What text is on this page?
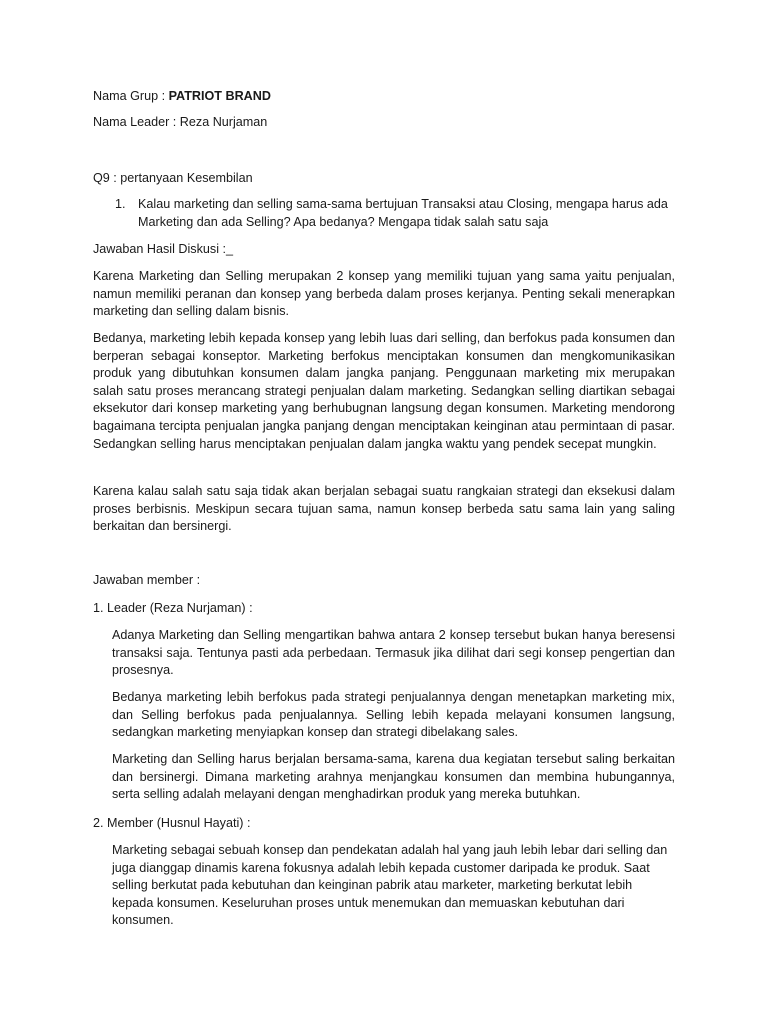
Nama Grup : PATRIOT BRAND

Nama Leader : Reza Nurjaman

Q9 : pertanyaan Kesembilan

1. Kalau marketing dan selling sama-sama bertujuan Transaksi atau Closing, mengapa harus ada Marketing dan ada Selling? Apa bedanya? Mengapa tidak salah satu saja

Jawaban Hasil Diskusi :_

Karena Marketing dan Selling merupakan 2 konsep yang memiliki tujuan yang sama yaitu penjualan, namun memiliki peranan dan konsep yang berbeda dalam proses kerjanya. Penting sekali menerapkan marketing dan selling dalam bisnis.

Bedanya, marketing lebih kepada konsep yang lebih luas dari selling, dan berfokus pada konsumen dan berperan sebagai konseptor. Marketing berfokus menciptakan konsumen dan mengkomunikasikan produk yang dibutuhkan konsumen dalam jangka panjang. Penggunaan marketing mix merupakan salah satu proses merancang strategi penjualan dalam marketing. Sedangkan selling diartikan sebagai eksekutor dari konsep marketing yang berhubugnan langsung degan konsumen. Marketing mendorong bagaimana tercipta penjualan jangka panjang dengan menciptakan keinginan atau permintaan di pasar. Sedangkan selling harus menciptakan penjualan dalam jangka waktu yang pendek secepat mungkin.

Karena kalau salah satu saja tidak akan berjalan sebagai suatu rangkaian strategi dan eksekusi dalam proses berbisnis. Meskipun secara tujuan sama, namun konsep berbeda satu sama lain yang saling berkaitan dan bersinergi.

Jawaban member :

1. Leader (Reza Nurjaman) :

Adanya Marketing dan Selling mengartikan bahwa antara 2 konsep tersebut bukan hanya beresensi transaksi saja. Tentunya pasti ada perbedaan. Termasuk jika dilihat dari segi konsep pengertian dan prosesnya.

Bedanya marketing lebih berfokus pada strategi penjualannya dengan menetapkan marketing mix, dan Selling berfokus pada penjualannya. Selling lebih kepada melayani konsumen langsung, sedangkan marketing menyiapkan konsep dan strategi dibelakang sales.

Marketing dan Selling harus berjalan bersama-sama, karena dua kegiatan tersebut saling berkaitan dan bersinergi. Dimana marketing arahnya menjangkau konsumen dan membina hubungannya, serta selling adalah melayani dengan menghadirkan produk yang mereka butuhkan.

2. Member (Husnul Hayati) :

Marketing sebagai sebuah konsep dan pendekatan adalah hal yang jauh lebih lebar dari selling dan juga dianggap dinamis karena fokusnya adalah lebih kepada customer daripada ke produk. Saat selling berkutat pada kebutuhan dan keinginan pabrik atau marketer, marketing berkutat lebih kepada konsumen. Keseluruhan proses untuk menemukan dan memuaskan kebutuhan dari konsumen.
